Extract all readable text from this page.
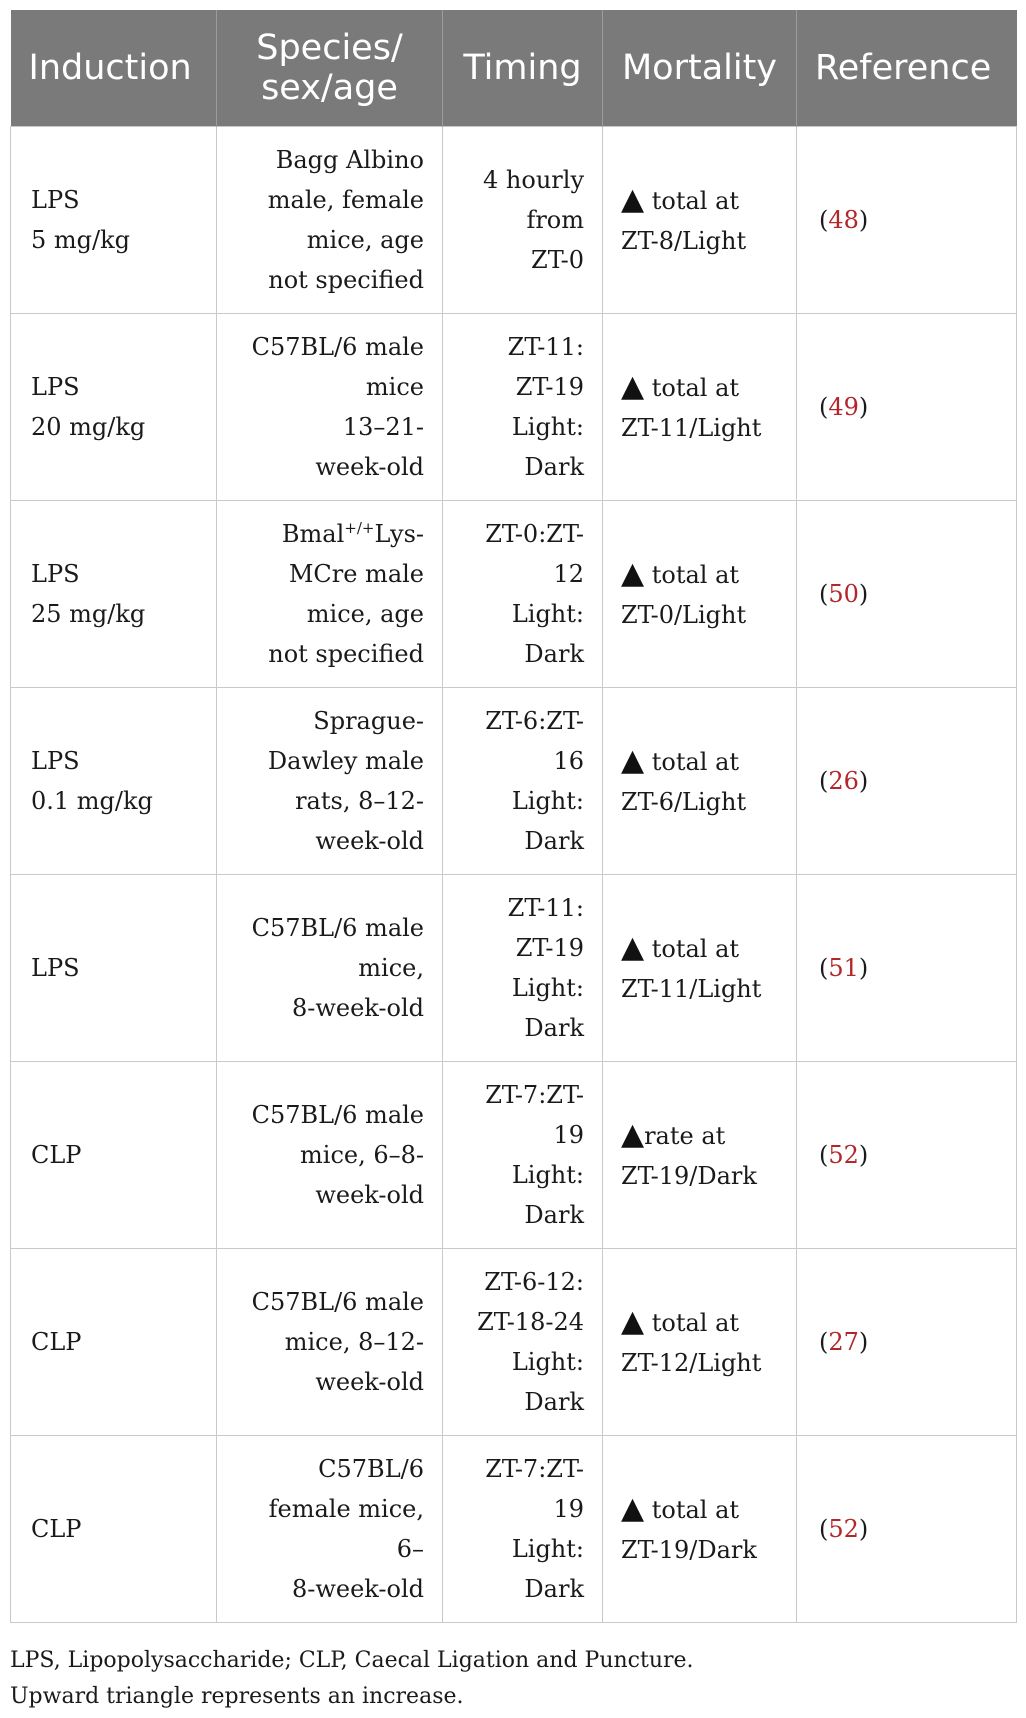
Induction	Species/
sex/age	Timing	Mortality	Reference

LPS
5 mg/kg	Bagg Albino
male, female
mice, age
not specified	4 hourly
from
ZT-0	▲ total at
ZT-8/Light	(48)

LPS
20 mg/kg	C57BL/6 male
mice
13–21-
week-old	ZT-11:
ZT-19
Light:
Dark	▲ total at
ZT-11/Light	(49)

LPS
25 mg/kg	Bmal+/+Lys-
MCre male
mice, age
not specified	ZT-0:ZT-
12
Light:
Dark	▲ total at
ZT-0/Light	(50)

LPS
0.1 mg/kg	Sprague-
Dawley male
rats, 8–12-
week-old	ZT-6:ZT-
16
Light:
Dark	▲ total at
ZT-6/Light	(26)

LPS	C57BL/6 male
mice,
8-week-old	ZT-11:
ZT-19
Light:
Dark	▲ total at
ZT-11/Light	(51)

CLP	C57BL/6 male
mice, 6–8-
week-old	ZT-7:ZT-
19
Light:
Dark	▲rate at
ZT-19/Dark	(52)

CLP	C57BL/6 male
mice, 8–12-
week-old	ZT-6-12:
ZT-18-24
Light:
Dark	▲ total at
ZT-12/Light	(27)

CLP	C57BL/6
female mice, 6–
8-week-old	ZT-7:ZT-
19
Light:
Dark	▲ total at
ZT-19/Dark	(52)
LPS, Lipopolysaccharide; CLP, Caecal Ligation and Puncture.
Upward triangle represents an increase.
